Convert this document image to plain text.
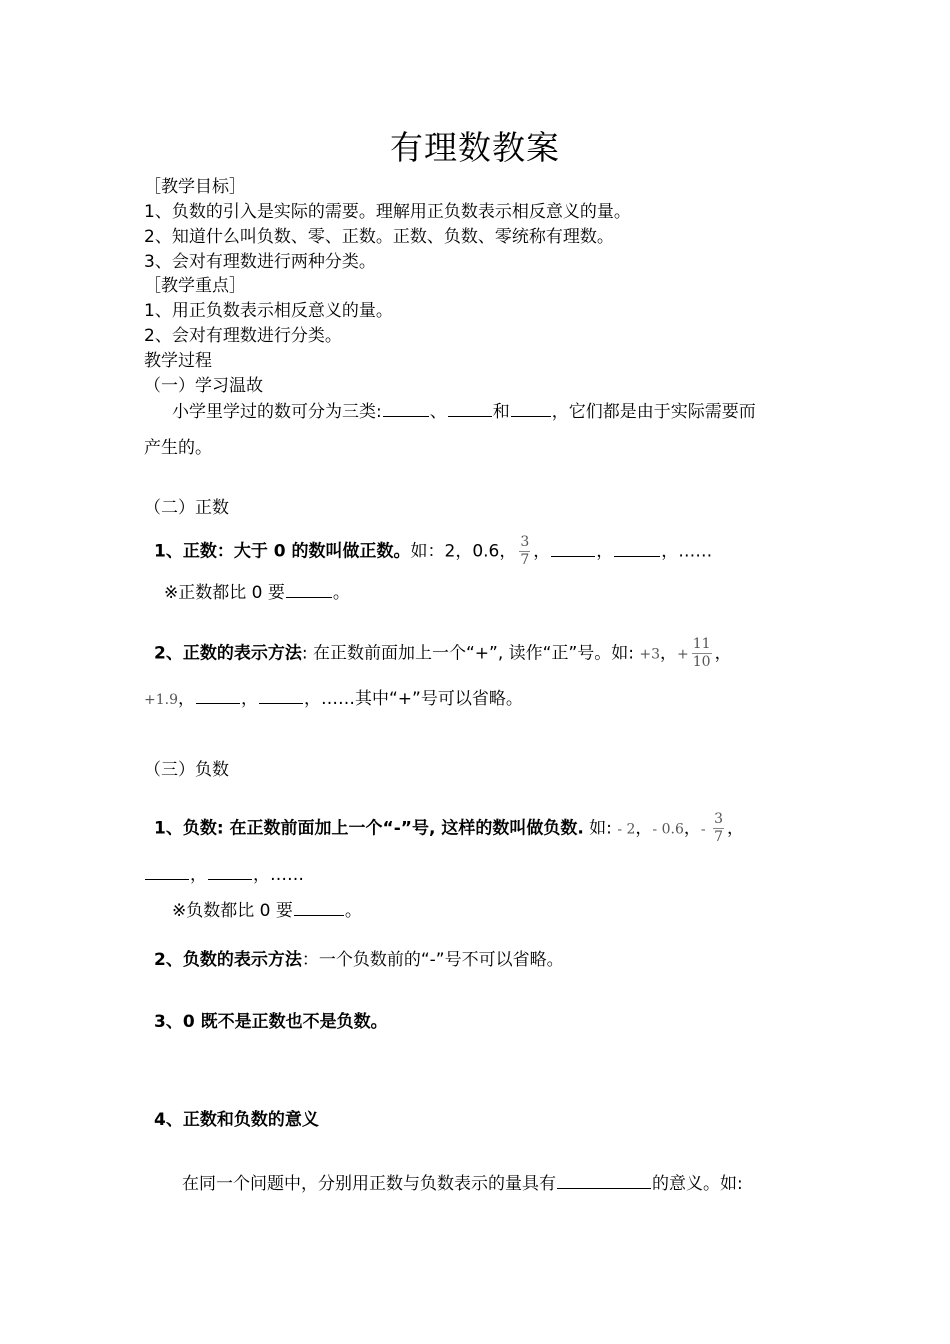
有理数教案
［教学目标］
1、负数的引入是实际的需要。理解用正负数表示相反意义的量。
2、知道什么叫负数、零、正数。正数、负数、零统称有理数。
3、会对有理数进行两种分类。
［教学重点］
1、用正负数表示相反意义的量。
2、会对有理数进行分类。
教学过程
（一）学习温故
小学里学过的数可分为三类:	、	和 ，它们都是由于实际需要而
产生的。
（二）正数
1、正数：大于 0 的数叫做正数。如：2，0.6， $\frac{3}{7}$ ，	，	，……
※正数都比 0 要	。
2、正数的表示方法: 在正数前面加上一个“+”, 读作“正”号。如: +3，+ $\frac{11}{10}$ ，
+1.9，	，	，……其中“+”号可以省略。
（三）负数
1、负数: 在正数前面加上一个“-”号, 这样的数叫做负数. 如: - 2，- 0.6，- $\frac{3}{7}$ ，
，	，……
※负数都比 0 要	。
2、负数的表示方法：一个负数前的“-”号不可以省略。
3、0 既不是正数也不是负数。
4、正数和负数的意义
在同一个问题中，分别用正数与负数表示的量具有	的意义。如:
